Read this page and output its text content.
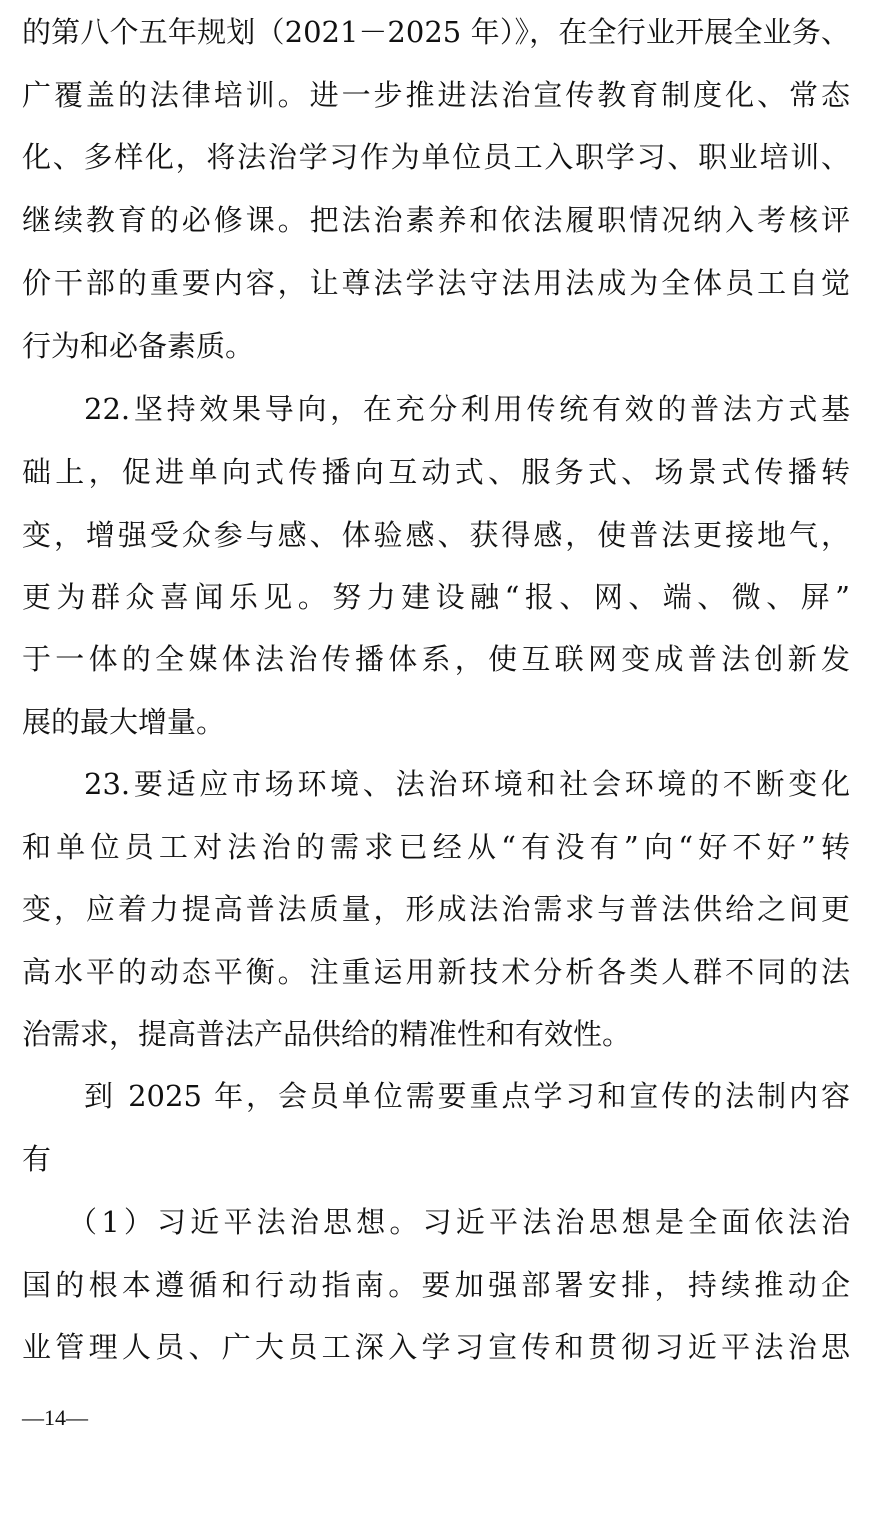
的第八个五年规划（2021－2025 年）》，在全行业开展全业务、
广覆盖的法律培训。进一步推进法治宣传教育制度化、常态
化、多样化，将法治学习作为单位员工入职学习、职业培训、
继续教育的必修课。把法治素养和依法履职情况纳入考核评
价干部的重要内容，让尊法学法守法用法成为全体员工自觉
行为和必备素质。
22.坚持效果导向，在充分利用传统有效的普法方式基
础上，促进单向式传播向互动式、服务式、场景式传播转
变，增强受众参与感、体验感、获得感，使普法更接地气，
更为群众喜闻乐见。努力建设融“报、网、端、微、屏”
于一体的全媒体法治传播体系，使互联网变成普法创新发
展的最大增量。
23.要适应市场环境、法治环境和社会环境的不断变化
和单位员工对法治的需求已经从“有没有”向“好不好”转
变，应着力提高普法质量，形成法治需求与普法供给之间更
高水平的动态平衡。注重运用新技术分析各类人群不同的法
治需求，提高普法产品供给的精准性和有效性。
到 2025 年，会员单位需要重点学习和宣传的法制内容
有
（1）习近平法治思想。习近平法治思想是全面依法治
国的根本遵循和行动指南。要加强部署安排，持续推动企
业管理人员、广大员工深入学习宣传和贯彻习近平法治思
—14—
